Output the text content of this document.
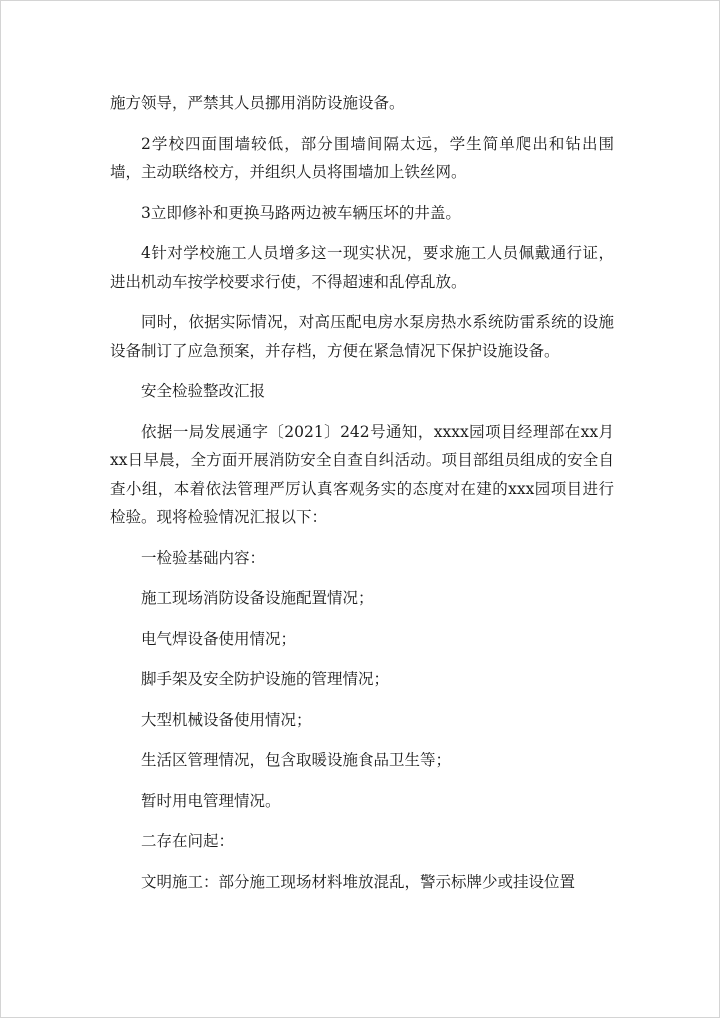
施方领导，严禁其人员挪用消防设施设备。

2学校四面围墙较低，部分围墙间隔太远，学生简单爬出和钻出围墙，主动联络校方，并组织人员将围墙加上铁丝网。

3立即修补和更换马路两边被车辆压坏的井盖。

4针对学校施工人员增多这一现实状况，要求施工人员佩戴通行证，进出机动车按学校要求行使，不得超速和乱停乱放。

同时，依据实际情况，对高压配电房水泵房热水系统防雷系统的设施设备制订了应急预案，并存档，方便在紧急情况下保护设施设备。

安全检验整改汇报

依据一局发展通字〔2021〕242号通知，xxxx园项目经理部在xx月xx日早晨，全方面开展消防安全自查自纠活动。项目部组员组成的安全自查小组，本着依法管理严厉认真客观务实的态度对在建的xxx园项目进行检验。现将检验情况汇报以下：

一检验基础内容：

施工现场消防设备设施配置情况；

电气焊设备使用情况；

脚手架及安全防护设施的管理情况；

大型机械设备使用情况；

生活区管理情况，包含取暖设施食品卫生等；

暂时用电管理情况。

二存在问起：

文明施工：部分施工现场材料堆放混乱，警示标牌少或挂设位置
